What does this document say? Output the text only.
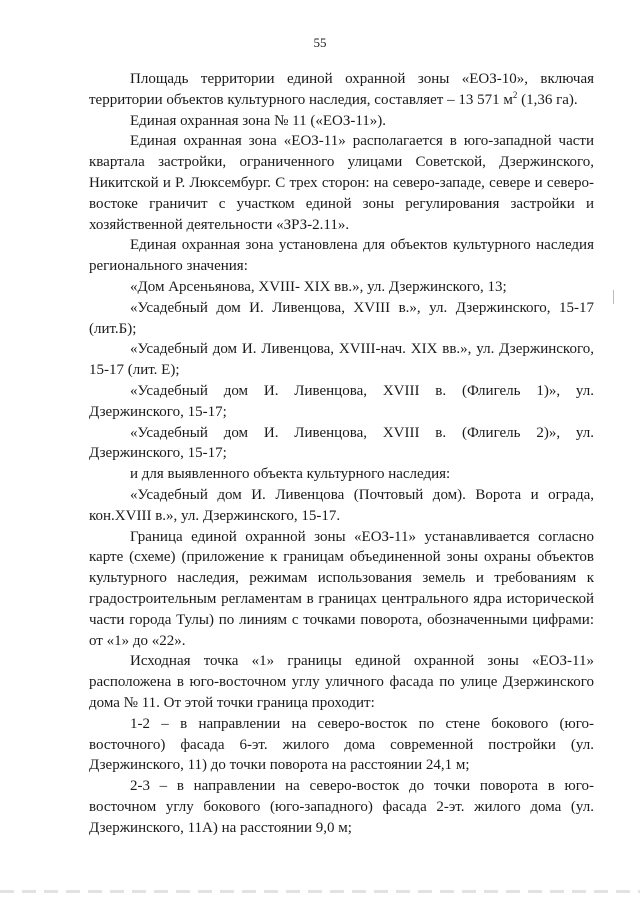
55

Площадь территории единой охранной зоны «ЕОЗ-10», включая территории объектов культурного наследия, составляет – 13 571 $м^2$ (1,36 га).

Единая охранная зона № 11 («ЕОЗ-11»).

Единая охранная зона «ЕОЗ-11» располагается в юго-западной части квартала застройки, ограниченного улицами Советской, Дзержинского, Никитской и Р. Люксембург. С трех сторон: на северо-западе, севере и северо-востоке граничит с участком единой зоны регулирования застройки и хозяйственной деятельности «ЗРЗ-2.11».

Единая охранная зона установлена для объектов культурного наследия регионального значения:

«Дом Арсеньянова, XVIII- XIX вв.», ул. Дзержинского, 13;

«Усадебный дом И. Ливенцова, XVIII в.», ул. Дзержинского, 15-17 (лит.Б);

«Усадебный дом И. Ливенцова, XVIII-нач. XIX вв.», ул. Дзержинского, 15-17 (лит. Е);

«Усадебный дом И. Ливенцова, XVIII в. (Флигель 1)», ул. Дзержинского, 15-17;

«Усадебный дом И. Ливенцова, XVIII в. (Флигель 2)», ул. Дзержинского, 15-17;

и для выявленного объекта культурного наследия:

«Усадебный дом И. Ливенцова (Почтовый дом). Ворота и ограда, кон.XVIII в.», ул. Дзержинского, 15-17.

Граница единой охранной зоны «ЕОЗ-11» устанавливается согласно карте (схеме) (приложение к границам объединенной зоны охраны объектов культурного наследия, режимам использования земель и требованиям к градостроительным регламентам в границах центрального ядра исторической части города Тулы) по линиям с точками поворота, обозначенными цифрами: от «1» до «22».

Исходная точка «1» границы единой охранной зоны «ЕОЗ-11» расположена в юго-восточном углу уличного фасада по улице Дзержинского дома № 11. От этой точки граница проходит:

1-2 – в направлении на северо-восток по стене бокового (юго-восточного) фасада 6-эт. жилого дома современной постройки (ул. Дзержинского, 11) до точки поворота на расстоянии 24,1 м;

2-3 – в направлении на северо-восток до точки поворота в юго-восточном углу бокового (юго-западного) фасада 2-эт. жилого дома (ул. Дзержинского, 11А) на расстоянии 9,0 м;
